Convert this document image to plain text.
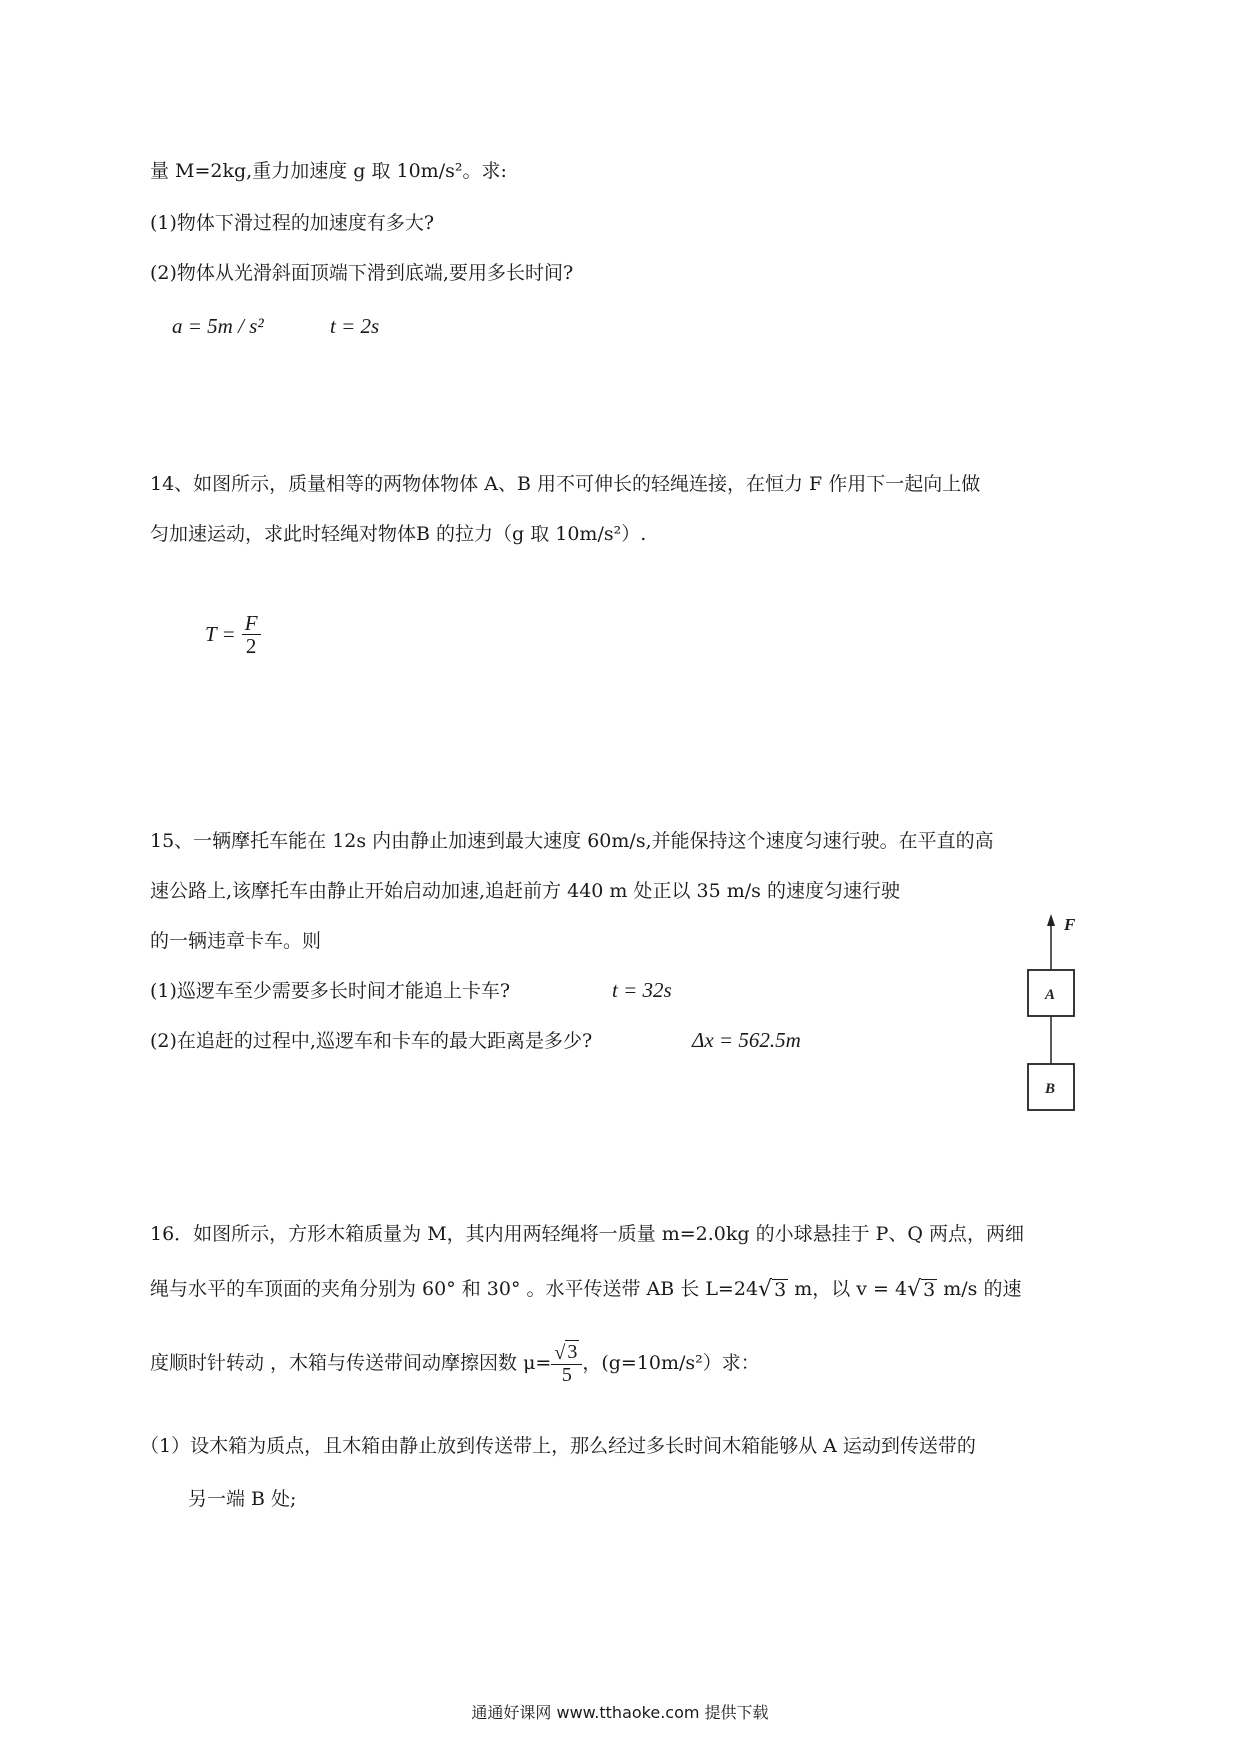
量 M=2kg,重力加速度 g 取 10m/s²。求:
(1)物体下滑过程的加速度有多大?
(2)物体从光滑斜面顶端下滑到底端,要用多长时间?
a = 5m / s²	t = 2s
14、如图所示，质量相等的两物体物体 A、B 用不可伸长的轻绳连接，在恒力 F 作用下一起向上做
匀加速运动，求此时轻绳对物体B 的拉力（g 取 10m/s²）.
$T = \frac{F}{2}$
15、一辆摩托车能在 12s 内由静止加速到最大速度 60m/s,并能保持这个速度匀速行驶。在平直的高
速公路上,该摩托车由静止开始启动加速,追赶前方 440 m 处正以 35 m/s 的速度匀速行驶
的一辆违章卡车。则
(1)巡逻车至少需要多长时间才能追上卡车?	t = 32s
(2)在追赶的过程中,巡逻车和卡车的最大距离是多少?	Δx = 562.5m
F
A
B
16．如图所示，方形木箱质量为 M，其内用两轻绳将一质量 m=2.0kg 的小球悬挂于 P、Q 两点，两细
绳与水平的车顶面的夹角分别为 60° 和 30° 。水平传送带 AB 长 L=24 √ 3 m，以 v = 4 √ 3 m/s 的速
度顺时针转动 ，木箱与传送带间动摩擦因数 $\mu= \frac{√ 3}{5}$ ，(g=10m/s²）求：
（1）设木箱为质点，且木箱由静止放到传送带上，那么经过多长时间木箱能够从 A 运动到传送带的
另一端 B 处;
通通好课网 www.tthaoke.com 提供下载
